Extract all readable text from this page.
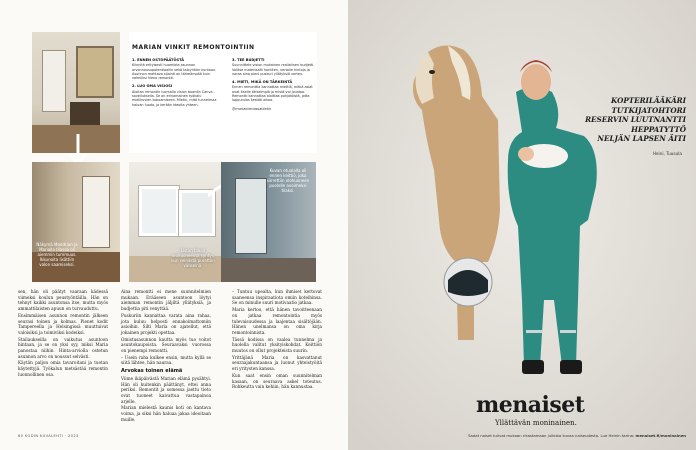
Näkymä Mondrian ja Marialla tilassa oli aiemmin tummuus. Ikkunoita lisättiin valon saamiseksi.
MARIAN VINKIT REMONTOINTIIN
1. ENNEN OSTOPÄÄTÖSTÄ

Kiinnitä erityisesti huomiota asunnon arvonnousupotentiaaliin sekä taloyhtiön kuntoon. Asunnon mahtava sijainti on tärkeämpää kuin valmiiksi hieno remontti.

2. LUO OMA VISIOSI

Aloitan remontin luomalla vision boardin Canva -sovelluksella. Se on erinomainen työkalu mielikuvien kokoamiseen. Mietin, mitä tunnelmaa haluan luoda, ja kerään ideoita yhteen.

3. TEE BUDJETTI

Suunnittele vision mukainen realistinen budjetti. Valitse materiaalit harkiten, vertaile hintoja ja varaa aina pieni puskuri yllätyksiä varten.

4. MIETI, MIKÄ ON TÄRKEINTÄ

Ennen remonttia kannattaa miettiä, mitkä asiat ovat itselle tärkeimpiä ja mistä voi joustaa. Remontti kannattaa aloittaa pohjatöistä, jotta lopputulos kestää aikaa.

@mariaolemassatilatin

Listan tilaan olohuoneessa syntyi, kun seinästä purettiin väliseinä.
Kuvan etualalla oli ennen keittiö, joka siirrettiin olohuoneen puolelle avoimeksi tilaksi.

sen, hän oli päätyt vaaraan kädessä viimeksi koulun peustyöntäilla. Hän on tehnyt kaikki asuntonsa itse, mutta myös ammattilaisten apuun on turvauduttu.

Ensimmäisen asunnon remontin jälkeen seurasi toinen ja kolmas. Pienet kodit Tampereella ja Helsingissä muuttuivat valoisiksi ja toimiviksi kodeiksi.

Stailaukseilla on vaikutus asuntoon hintaan, ja se on yksi syy, miksi Maria panostaa niihin. Hinta-arviolla ostetun asunnon arvo on noussut selvästi.

Käytän paljon omia tavaroitani ja tuotan käytettyjä. Työkalun metsästää remontin luonnollinen osa.

Aina remontti ei mene suunnitelmien mukaan. Erääseen asuntoon löytyi aiemman remontin jäljiltä yllätyksiä, ja budjettia piti venyttää.

Puskuriin kannattaa varata aina rahaa, jota kuluu helposti ennakoimattomiin asioihin. Silti Maria on ajatellut, että jokainen projekti opettaa.

Omistusasunnon kautta myös tuo voitot asuntokaupoista. Seuraavaksi vuorossa on pienempi remontti.

– Usein raha kulkee ensin, mutta kyllä se siitä lähtee, hän nauraa.

Arvokas toinen elämä

Viime ikäpäivästä Marian elämä pysähtyi. Hän oli kuitenkin päättänyt, ettei anna periksi. Remontit ja somessa jaettu tieto ovat tuoneet kaivattua vastapainoa arjelle.

Marian mielestä kaunis koti on kantava voima, ja siksi hän haluaa jakaa ideoitaan muille.

– Tuntuu upealta, kun ihmiset kertovat saaneensa inspiraatiota omiin koteihinsa. Se on minulle suuri motivaatio jatkaa.

Maria kertoo, että hänen tavoitteenaan on jatkaa remontointia myös tulevaisuudessa ja laajentaa sisältöjään. Hänen unelmansa on oma kirja remontoinnista.

Tässä kodissa on vaalea tunnelma ja huolella valitut yksityiskohdat. Keittiön muutos on ollut projekteista suurin.

Yrittäjänä Maria on kasvattanut seuraajakuntaansa ja luonut yhteistyöitä eri yritysten kanssa.

Kun saat ensin oman suunnitelman kasaan, on seuraava askel toteutus. Rohkeutta vain kehiin, hän kannustaa.

60 KODIN KUVALEHTI · 2023
KOPTERILÄÄKÄRI
TUTKIJATOHTORI
RESERVIN LUUTNANTTI
HEPPATYTTÖ
NELJÄN LAPSEN ÄITI
Heini, Tuusula
menaiset
Yllättävän moninainen.
Sadat naiset tulivat mukaan rikastamaan julkista kuvaa naiseudesta. Lue Heinin tarina: menaiset.fi/moninainen
